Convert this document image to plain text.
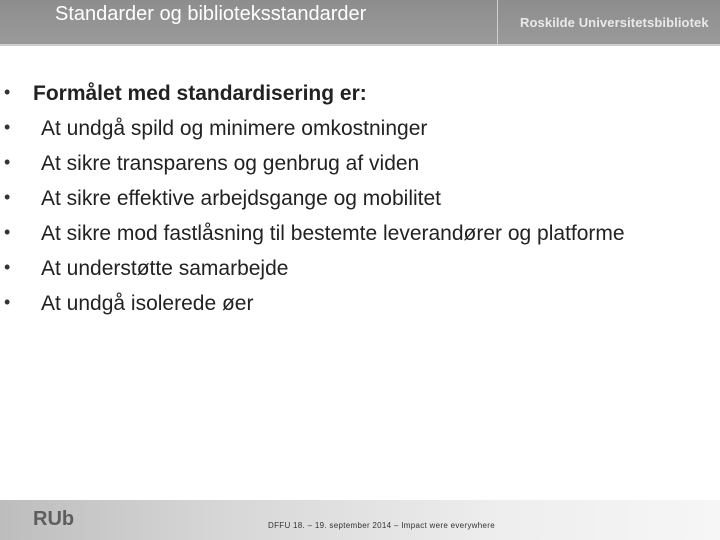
Standarder og biblioteksstandarder	Roskilde Universitetsbibliotek
• Formålet med standardisering er:
• At undgå spild og minimere omkostninger
• At sikre transparens og genbrug af viden
• At sikre effektive arbejdsgange og mobilitet
• At sikre mod fastlåsning til bestemte leverandører og platforme
• At understøtte samarbejde
• At undgå isolerede øer
RUb	DFFU 18. – 19. september 2014 – Impact were everywhere
